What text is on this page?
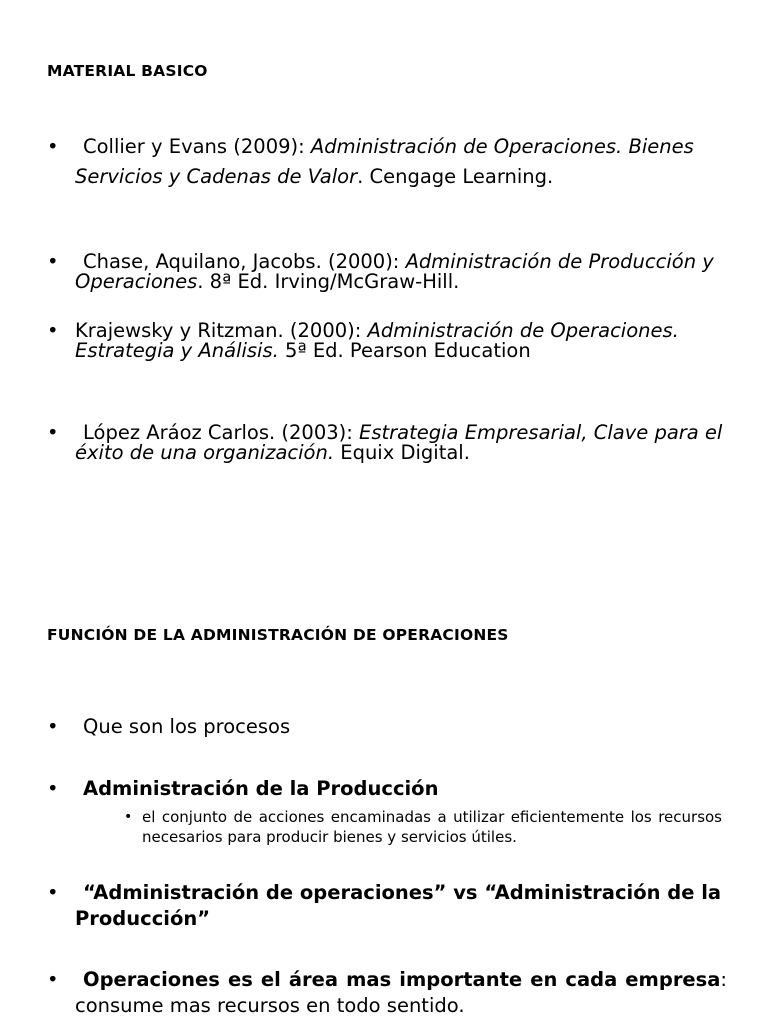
MATERIAL BASICO
•	Collier y Evans (2009): Administración de Operaciones. Bienes Servicios y Cadenas de Valor. Cengage Learning.
•	Chase, Aquilano, Jacobs. (2000): Administración de Producción y Operaciones. 8ª Ed. Irving/McGraw-Hill.
• Krajewsky y Ritzman. (2000): Administración de Operaciones. Estrategia y Análisis. 5ª Ed. Pearson Education
•	López Aráoz Carlos. (2003): Estrategia Empresarial, Clave para el éxito de una organización. Equix Digital.
FUNCIÓN DE LA ADMINISTRACIÓN DE OPERACIONES
•	Que son los procesos
•	Administración de la Producción
• el conjunto de acciones encaminadas a utilizar eficientemente los recursos necesarios para producir bienes y servicios útiles.
•	“Administración de operaciones” vs “Administración de la Producción”
•	Operaciones es el área mas importante en cada empresa: consume mas recursos en todo sentido.
